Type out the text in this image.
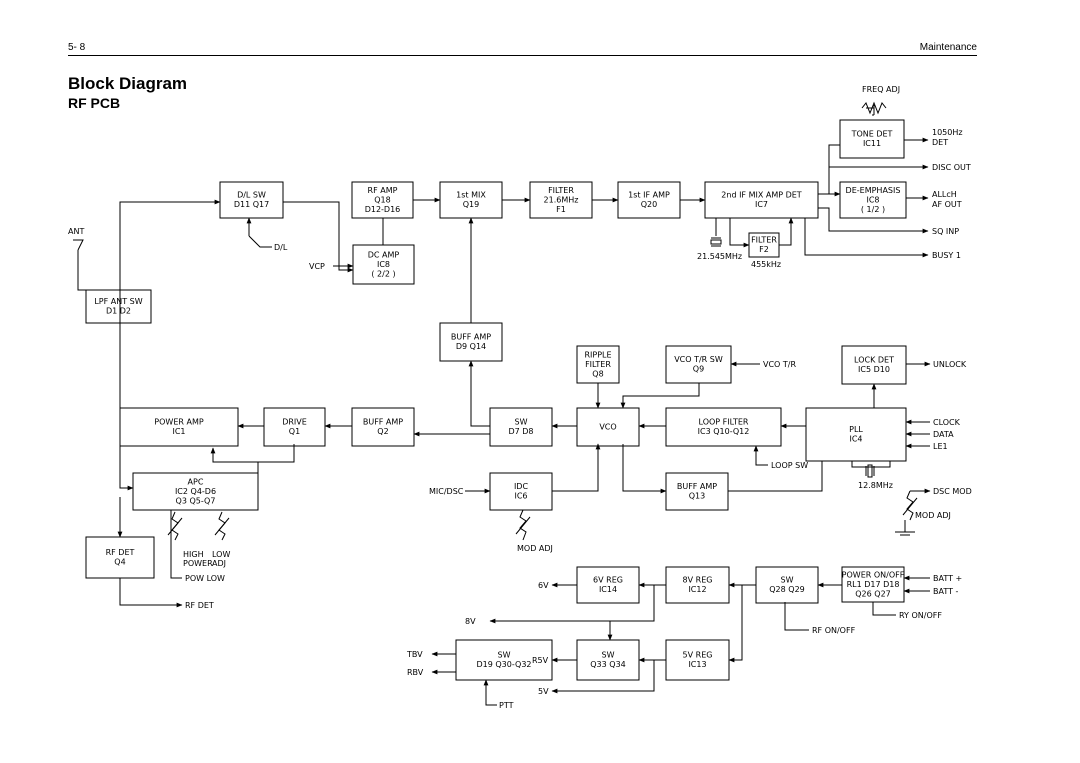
5- 8	Maintenance
Block Diagram
RF PCB
D/L SW
D11 Q17
RF AMP
Q18
D12-D16
1st MIX
Q19
FILTER
21.6MHz
F1
1st IF AMP
Q20
2nd IF MIX AMP DET
IC7
TONE DET
IC11
DE-EMPHASIS
IC8
( 1/2 )
DC AMP
IC8
( 2/2 )
FILTER
F2
LPF ANT SW
D1 D2
BUFF AMP
D9 Q14
RIPPLE
FILTER
Q8
VCO T/R SW
Q9
LOCK DET
IC5 D10
POWER AMP
IC1
DRIVE
Q1
BUFF AMP
Q2
SW
D7 D8
VCO
LOOP FILTER
IC3 Q10-Q12	PLL
IC4
APC
IC2 Q4-D6
Q3 Q5-Q7
IDC
IC6
BUFF AMP
Q13
RF DET
Q4
6V REG
IC14
8V REG
IC12
SW
Q28 Q29
POWER ON/OFF
RL1 D17 D18
Q26 Q27
SW
D19 Q30-Q32
SW
Q33 Q34
5V REG
IC13
FREQ ADJ
1050Hz
DET
DISC OUT
ALLcH
AF OUT
SQ INP
BUSY 1
ANT
D/L
VCP
21.545MHz
455kHz
VCO T/R	UNLOCK
CLOCK
DATA
LE1
LOOP SW
12.8MHz
DSC MOD
MOD ADJ
MIC/DSC
MOD ADJ
HIGH
POWER
LOW
ADJ
POW LOW
RF DET
6V
8V
TBV
RBV
R5V
5V
PTT
RF ON/OFF
BATT +
BATT -
RY ON/OFF
